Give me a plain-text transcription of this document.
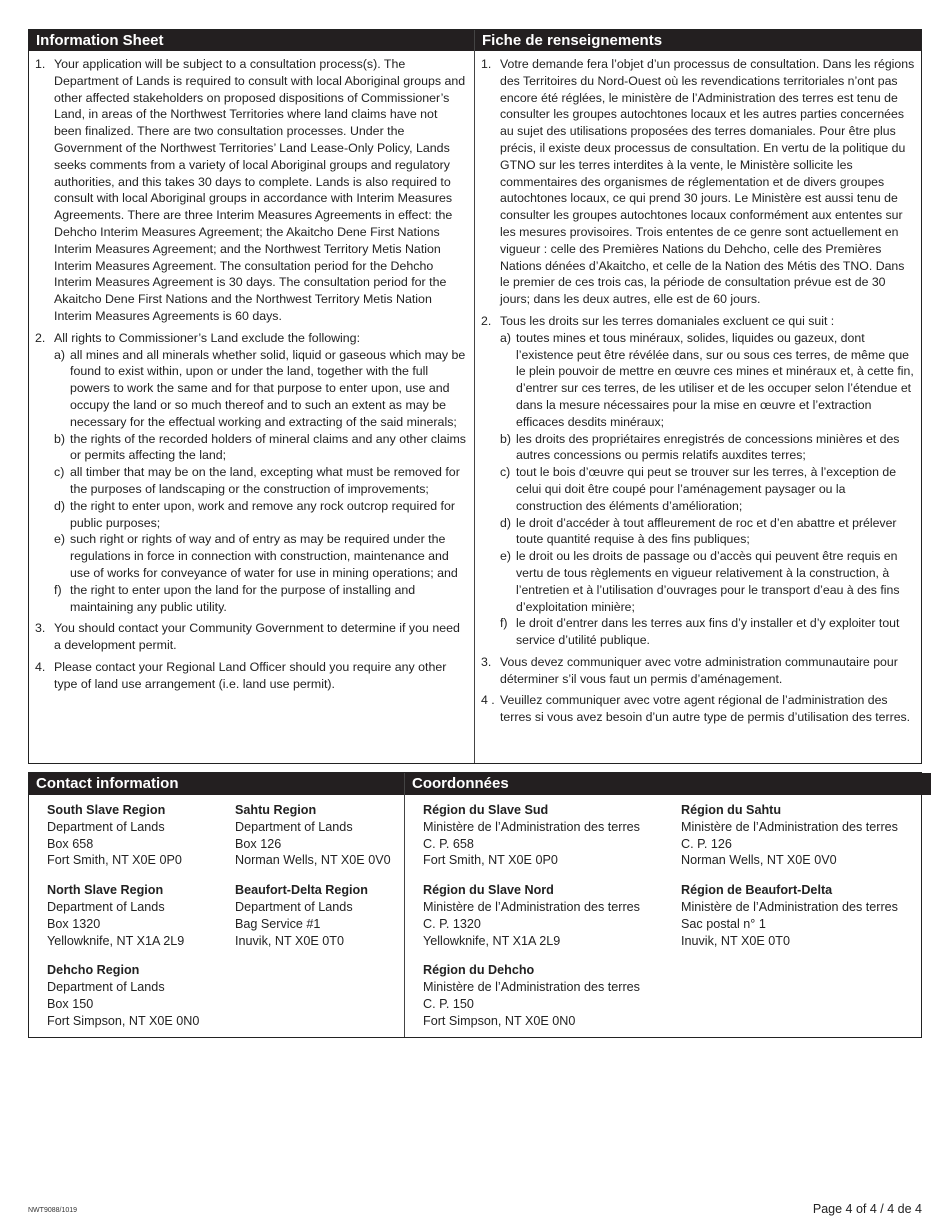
Information Sheet
1. Your application will be subject to a consultation process(s). The Department of Lands is required to consult with local Aboriginal groups and other affected stakeholders on proposed dispositions of Commissioner’s Land, in areas of the Northwest Territories where land claims have not been finalized. There are two consultation processes. Under the Government of the Northwest Territories’ Land Lease-Only Policy, Lands seeks comments from a variety of local Aboriginal groups and regulatory authorities, and this takes 30 days to complete. Lands is also required to consult with local Aboriginal groups in accordance with Interim Measures Agreements. There are three Interim Measures Agreements in effect: the Dehcho Interim Measures Agreement; the Akaitcho Dene First Nations Interim Measures Agreement; and the Northwest Territory Metis Nation Interim Measures Agreement. The consultation period for the Dehcho Interim Measures Agreement is 30 days. The consultation period for the Akaitcho Dene First Nations and the Northwest Territory Metis Nation Interim Measures Agreements is 60 days.
2. All rights to Commissioner’s Land exclude the following:
a) all mines and all minerals whether solid, liquid or gaseous which may be found to exist within, upon or under the land, together with the full powers to work the same and for that purpose to enter upon, use and occupy the land or so much thereof and to such an extent as may be necessary for the effectual working and extracting of the said minerals;
b) the rights of the recorded holders of mineral claims and any other claims or permits affecting the land;
c) all timber that may be on the land, excepting what must be removed for the purposes of landscaping or the construction of improvements;
d) the right to enter upon, work and remove any rock outcrop required for public purposes;
e) such right or rights of way and of entry as may be required under the regulations in force in connection with construction, maintenance and use of works for conveyance of water for use in mining operations; and
f) the right to enter upon the land for the purpose of installing and maintaining any public utility.
3. You should contact your Community Government to determine if you need a development permit.
4. Please contact your Regional Land Officer should you require any other type of land use arrangement (i.e. land use permit).
Fiche de renseignements
1. Votre demande fera l’objet d’un processus de consultation. Dans les régions des Territoires du Nord-Ouest où les revendications territoriales n’ont pas encore été réglées, le ministère de l’Administration des terres est tenu de consulter les groupes autochtones locaux et les autres parties concernées au sujet des utilisations proposées des terres domaniales. Pour être plus précis, il existe deux processus de consultation. En vertu de la politique du GTNO sur les terres interdites à la vente, le Ministère sollicite les commentaires des organismes de réglementation et de divers groupes autochtones locaux, ce qui prend 30 jours. Le Ministère est aussi tenu de consulter les groupes autochtones locaux conformément aux ententes sur les mesures provisoires. Trois ententes de ce genre sont actuellement en vigueur : celle des Premières Nations du Dehcho, celle des Premières Nations dénées d’Akaitcho, et celle de la Nation des Métis des TNO. Dans le premier de ces trois cas, la période de consultation prévue est de 30 jours; dans les deux autres, elle est de 60 jours.
2. Tous les droits sur les terres domaniales excluent ce qui suit :
a) toutes mines et tous minéraux, solides, liquides ou gazeux, dont l’existence peut être révélée dans, sur ou sous ces terres, de même que le plein pouvoir de mettre en œuvre ces mines et minéraux et, à cette fin, d’entrer sur ces terres, de les utiliser et de les occuper selon l’étendue et dans la mesure nécessaires pour la mise en œuvre et l’extraction efficaces desdits minéraux;
b) les droits des propriétaires enregistrés de concessions minières et des autres concessions ou permis relatifs auxdites terres;
c) tout le bois d’œuvre qui peut se trouver sur les terres, à l’exception de celui qui doit être coupé pour l’aménagement paysager ou la construction des éléments d’amélioration;
d) le droit d’accéder à tout affleurement de roc et d’en abattre et prélever toute quantité requise à des fins publiques;
e) le droit ou les droits de passage ou d’accès qui peuvent être requis en vertu de tous règlements en vigueur relativement à la construction, à l’entretien et à l’utilisation d’ouvrages pour le transport d’eau à des fins d’exploitation minière;
f) le droit d’entrer dans les terres aux fins d’y installer et d’y exploiter tout service d’utilité publique.
3. Vous devez communiquer avec votre administration communautaire pour déterminer s’il vous faut un permis d’aménagement.
4 . Veuillez communiquer avec votre agent régional de l’administration des terres si vous avez besoin d’un autre type de permis d’utilisation des terres.
Contact information
South Slave Region
Department of Lands
Box 658
Fort Smith, NT X0E 0P0
Sahtu Region
Department of Lands
Box 126
Norman Wells, NT X0E 0V0
North Slave Region
Department of Lands
Box 1320
Yellowknife, NT X1A 2L9
Beaufort-Delta Region
Department of Lands
Bag Service #1
Inuvik, NT X0E 0T0
Dehcho Region
Department of Lands
Box 150
Fort Simpson, NT X0E 0N0
Coordonnées
Région du Slave Sud
Ministère de l’Administration des terres
C. P. 658
Fort Smith, NT X0E 0P0
Région du Sahtu
Ministère de l’Administration des terres
C. P. 126
Norman Wells, NT X0E 0V0
Région du Slave Nord
Ministère de l’Administration des terres
C. P. 1320
Yellowknife, NT X1A 2L9
Région de Beaufort-Delta
Ministère de l’Administration des terres
Sac postal n° 1
Inuvik, NT X0E 0T0
Région du Dehcho
Ministère de l’Administration des terres
C. P. 150
Fort Simpson, NT X0E 0N0
NWT9088/1019	Page 4 of 4 / 4 de 4
